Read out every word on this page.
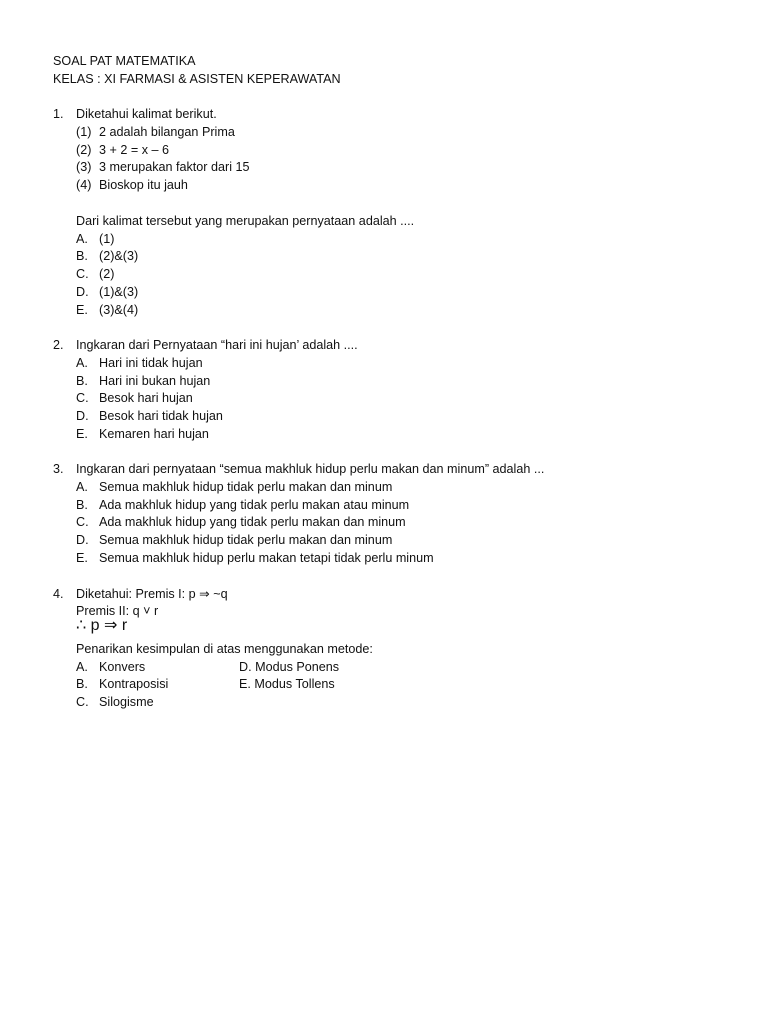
SOAL PAT MATEMATIKA
KELAS : XI FARMASI & ASISTEN KEPERAWATAN
1. Diketahui kalimat berikut.
(1) 2 adalah bilangan Prima
(2) 3 + 2 = x – 6
(3) 3 merupakan faktor dari 15
(4) Bioskop itu jauh
Dari kalimat tersebut yang merupakan pernyataan adalah ....
A. (1)
B. (2)&(3)
C. (2)
D. (1)&(3)
E. (3)&(4)
2. Ingkaran dari Pernyataan “hari ini hujan’ adalah ....
A. Hari ini tidak hujan
B. Hari ini bukan hujan
C. Besok hari hujan
D. Besok hari tidak hujan
E. Kemaren hari hujan
3. Ingkaran dari pernyataan “semua makhluk hidup perlu makan dan minum” adalah ...
A. Semua makhluk hidup tidak perlu makan dan minum
B. Ada makhluk hidup yang tidak perlu makan atau minum
C. Ada makhluk hidup yang tidak perlu makan dan minum
D. Semua makhluk hidup tidak perlu makan dan minum
E. Semua makhluk hidup perlu makan tetapi tidak perlu minum
4. Diketahui: Premis I: p ⇒ ~q
Premis II: q ˅ r
∴ p ⇒ r
Penarikan kesimpulan di atas menggunakan metode:
A. Konvers
B. Kontraposisi
C. Silogisme
D. Modus Ponens
E. Modus Tollens
